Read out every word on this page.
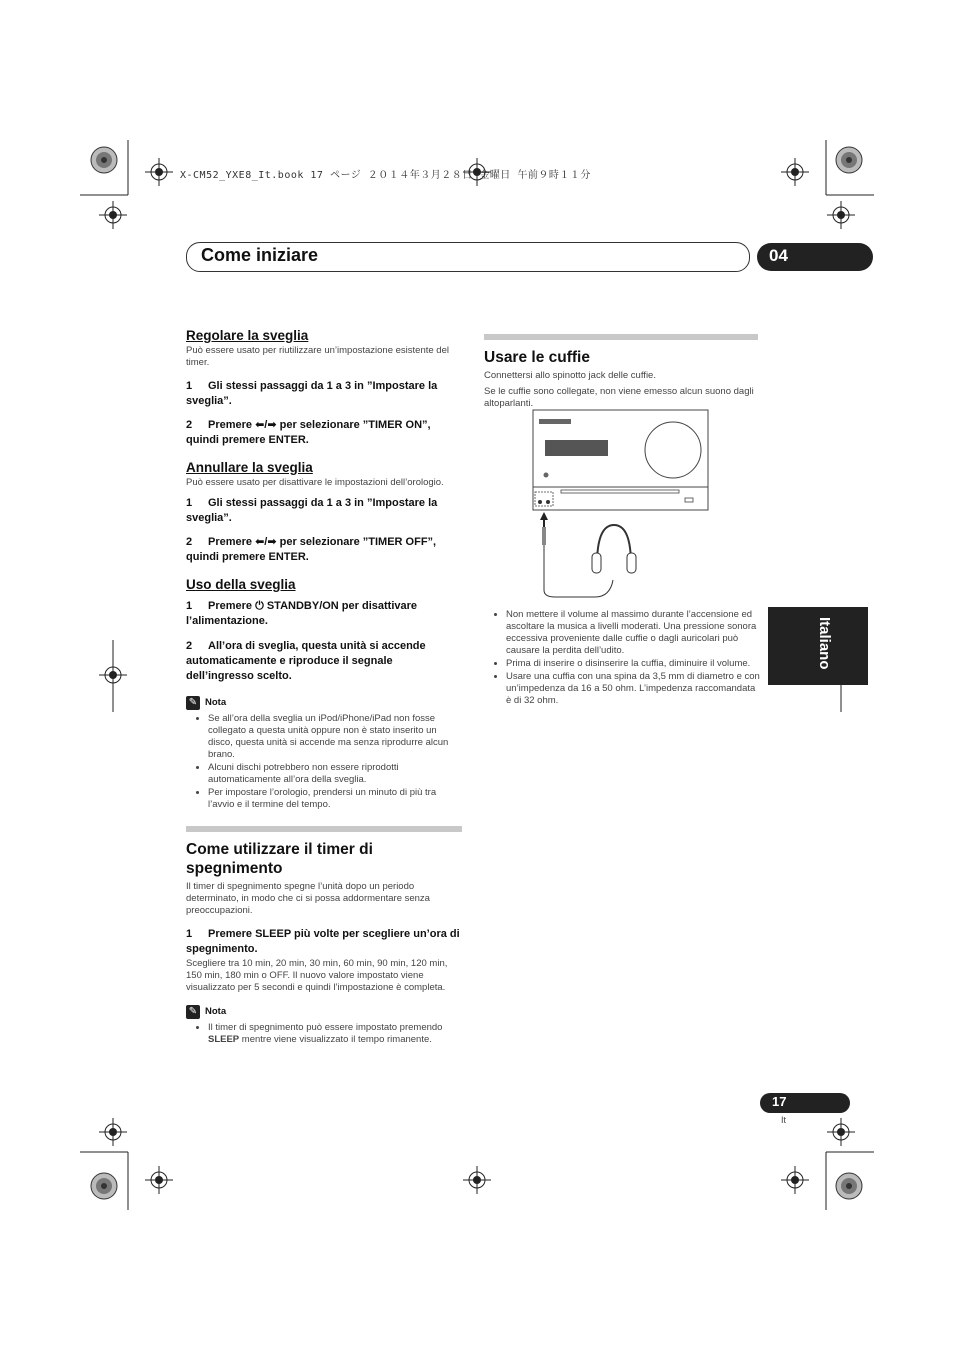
X-CM52_YXE8_It.book 17 ページ ２０１４年３月２８日 金曜日 午前９時１１分
Come iniziare	04
Regolare la sveglia

Può essere usato per riutilizzare un’impostazione esistente del timer.

1 Gli stessi passaggi da 1 a 3 in ”Impostare la sveglia”.

2 Premere ⬅/➡ per selezionare ”TIMER ON”, quindi premere ENTER.

Annullare la sveglia

Può essere usato per disattivare le impostazioni dell’orologio.

1 Gli stessi passaggi da 1 a 3 in ”Impostare la sveglia”.

2 Premere ⬅/➡ per selezionare ”TIMER OFF”, quindi premere ENTER.

Uso della sveglia

1 Premere ⏻ STANDBY/ON per disattivare l’alimentazione.

2 All’ora di sveglia, questa unità si accende automaticamente e riproduce il segnale dell’ingresso scelto.

✎ Nota
• Se all’ora della sveglia un iPod/iPhone/iPad non fosse collegato a questa unità oppure non è stato inserito un disco, questa unità si accende ma senza riprodurre alcun brano.
• Alcuni dischi potrebbero non essere riprodotti automaticamente all’ora della sveglia.
• Per impostare l’orologio, prendersi un minuto di più tra l’avvio e il termine del tempo.
Come utilizzare il timer di spegnimento

Il timer di spegnimento spegne l’unità dopo un periodo determinato, in modo che ci si possa addormentare senza preoccupazioni.

1 Premere SLEEP più volte per scegliere un’ora di spegnimento.

Scegliere tra 10 min, 20 min, 30 min, 60 min, 90 min, 120 min, 150 min, 180 min o OFF. Il nuovo valore impostato viene visualizzato per 5 secondi e quindi l’impostazione è completa.

✎ Nota
• Il timer di spegnimento può essere impostato premendo SLEEP mentre viene visualizzato il tempo rimanente.
Usare le cuffie

Connettersi allo spinotto jack delle cuffie.

Se le cuffie sono collegate, non viene emesso alcun suono dagli altoparlanti.

• Non mettere il volume al massimo durante l’accensione ed ascoltare la musica a livelli moderati. Una pressione sonora eccessiva proveniente dalle cuffie o dagli auricolari può causare la perdita dell’udito.
• Prima di inserire o disinserire la cuffia, diminuire il volume.
• Usare una cuffia con una spina da 3,5 mm di diametro e con un’impedenza da 16 a 50 ohm. L’impedenza raccomandata è di 32 ohm.
Italiano
17
It
